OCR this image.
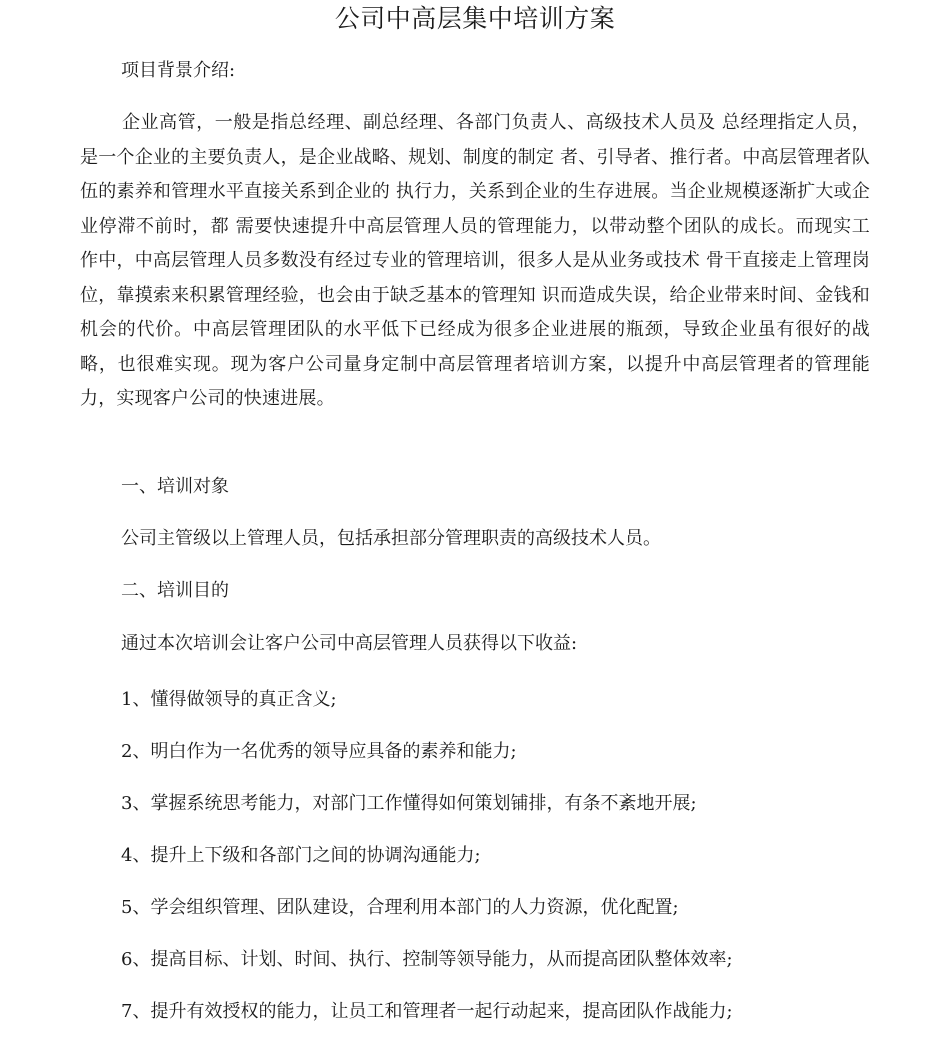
公司中高层集中培训方案
项目背景介绍:
企业高管，一般是指总经理、副总经理、各部门负责人、高级技术人员及 总经理指定人员，是一个企业的主要负责人，是企业战略、规划、制度的制定 者、引导者、推行者。中高层管理者队伍的素养和管理水平直接关系到企业的 执行力，关系到企业的生存进展。当企业规模逐渐扩大或企业停滞不前时，都 需要快速提升中高层管理人员的管理能力，以带动整个团队的成长。而现实工 作中，中高层管理人员多数没有经过专业的管理培训，很多人是从业务或技术 骨干直接走上管理岗位，靠摸索来积累管理经验，也会由于缺乏基本的管理知 识而造成失误，给企业带来时间、金钱和机会的代价。中高层管理团队的水平低下已经成为很多企业进展的瓶颈，导致企业虽有很好的战略，也很难实现。现为客户公司量身定制中高层管理者培训方案，以提升中高层管理者的管理能力，实现客户公司的快速进展。
一、培训对象
公司主管级以上管理人员，包括承担部分管理职责的高级技术人员。
二、培训目的
通过本次培训会让客户公司中高层管理人员获得以下收益:
1、懂得做领导的真正含义;
2、明白作为一名优秀的领导应具备的素养和能力;
3、掌握系统思考能力，对部门工作懂得如何策划铺排，有条不紊地开展;
4、提升上下级和各部门之间的协调沟通能力;
5、学会组织管理、团队建设，合理利用本部门的人力资源，优化配置;
6、提高目标、计划、时间、执行、控制等领导能力，从而提高团队整体效率;
7、提升有效授权的能力，让员工和管理者一起行动起来，提高团队作战能力;
